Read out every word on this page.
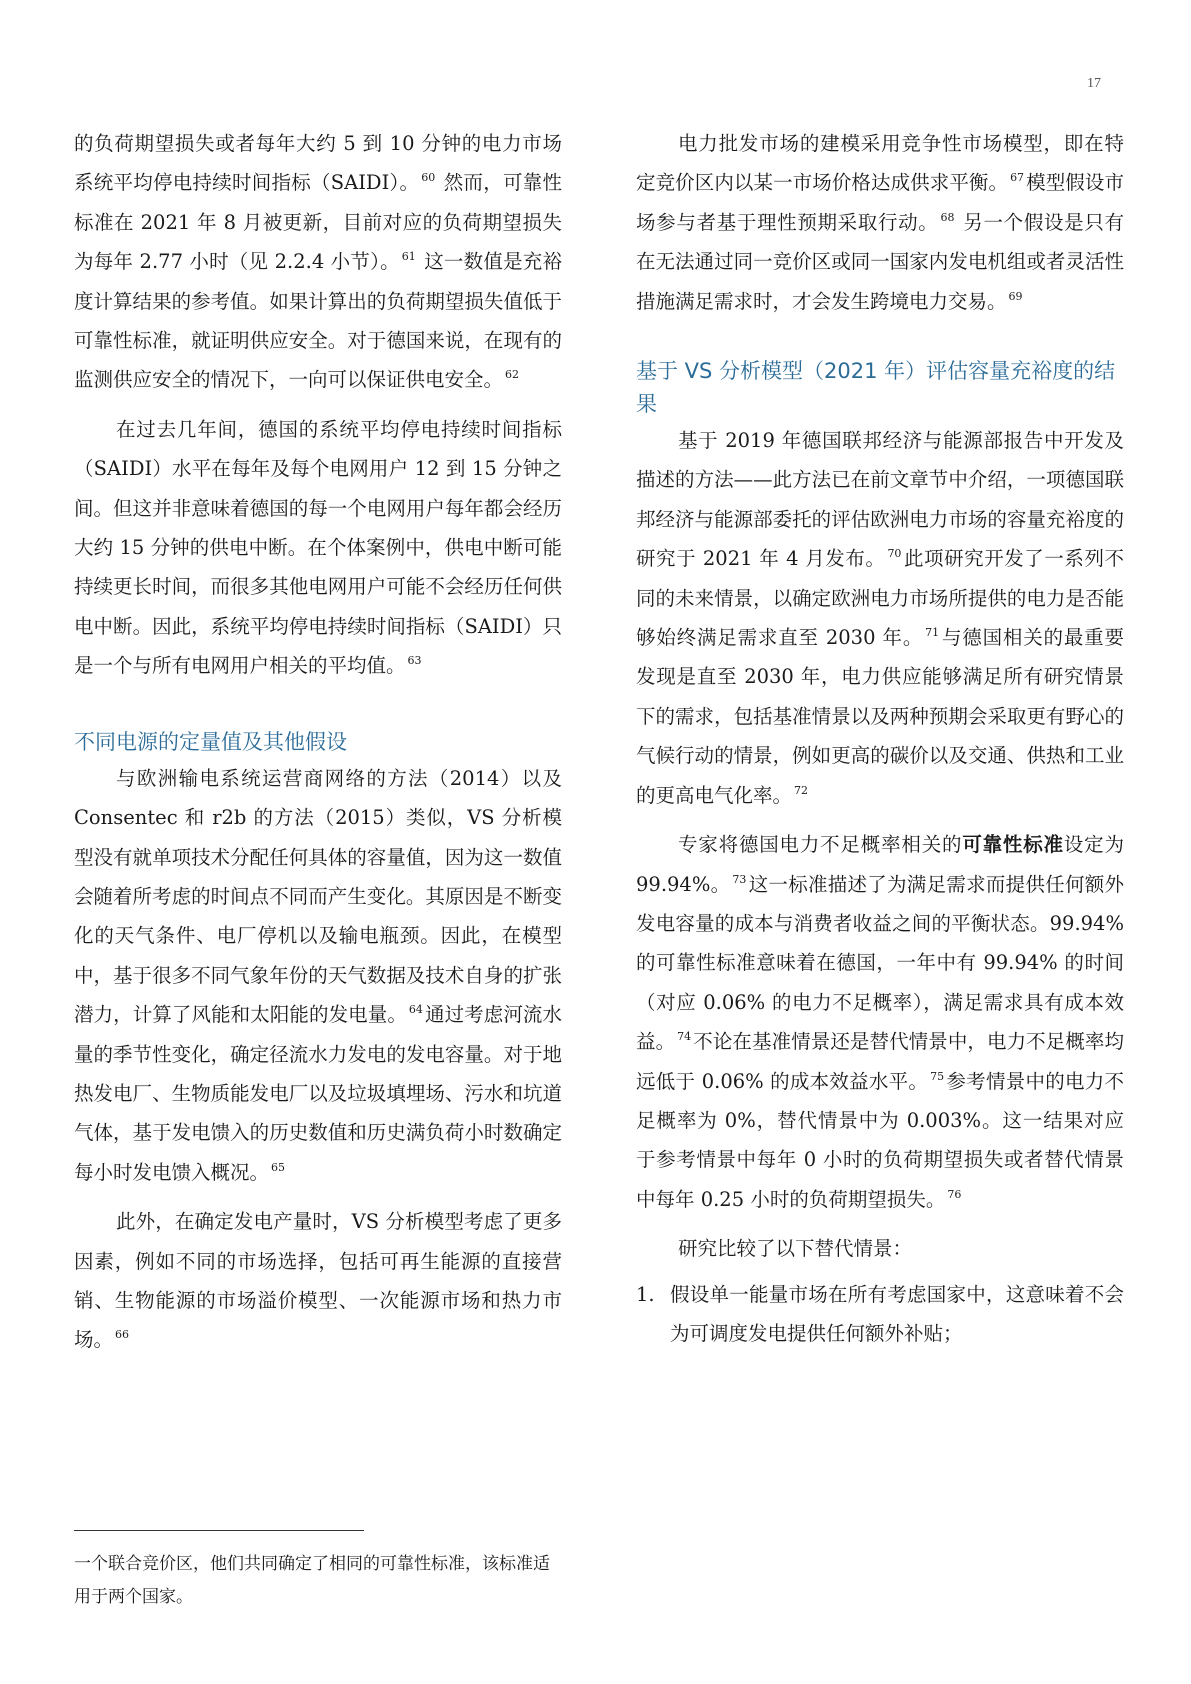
17

的负荷期望损失或者每年大约 5 到 10 分钟的电力市场系统平均停电持续时间指标（SAIDI）。 $^{60}$ 然而，可靠性标准在 2021 年 8 月被更新，目前对应的负荷期望损失为每年 2.77 小时（见 2.2.4 小节）。 $^{61}$ 这一数值是充裕度计算结果的参考值。如果计算出的负荷期望损失值低于可靠性标准，就证明供应安全。对于德国来说，在现有的监测供应安全的情况下，一向可以保证供电安全。 $^{62}$

在过去几年间，德国的系统平均停电持续时间指标（SAIDI）水平在每年及每个电网用户 12 到 15 分钟之间。但这并非意味着德国的每一个电网用户每年都会经历大约 15 分钟的供电中断。在个体案例中，供电中断可能持续更长时间，而很多其他电网用户可能不会经历任何供电中断。因此，系统平均停电持续时间指标（SAIDI）只是一个与所有电网用户相关的平均值。 $^{63}$

不同电源的定量值及其他假设

与欧洲输电系统运营商网络的方法（2014）以及 Consentec 和 r2b 的方法（2015）类似，VS 分析模型没有就单项技术分配任何具体的容量值，因为这一数值会随着所考虑的时间点不同而产生变化。其原因是不断变化的天气条件、电厂停机以及输电瓶颈。因此，在模型中，基于很多不同气象年份的天气数据及技术自身的扩张潜力，计算了风能和太阳能的发电量。 $^{64}$ 通过考虑河流水量的季节性变化，确定径流水力发电的发电容量。对于地热发电厂、生物质能发电厂以及垃圾填埋场、污水和坑道气体，基于发电馈入的历史数值和历史满负荷小时数确定每小时发电馈入概况。 $^{65}$

此外，在确定发电产量时，VS 分析模型考虑了更多因素，例如不同的市场选择，包括可再生能源的直接营销、生物能源的市场溢价模型、一次能源市场和热力市场。 $^{66}$

一个联合竞价区，他们共同确定了相同的可靠性标准，该标准适用于两个国家。

电力批发市场的建模采用竞争性市场模型，即在特定竞价区内以某一市场价格达成供求平衡。 $^{67}$ 模型假设市场参与者基于理性预期采取行动。 $^{68}$ 另一个假设是只有在无法通过同一竞价区或同一国家内发电机组或者灵活性措施满足需求时，才会发生跨境电力交易。 $^{69}$

基于 VS 分析模型（2021 年）评估容量充裕度的结果

基于 2019 年德国联邦经济与能源部报告中开发及描述的方法——此方法已在前文章节中介绍，一项德国联邦经济与能源部委托的评估欧洲电力市场的容量充裕度的研究于 2021 年 4 月发布。 $^{70}$ 此项研究开发了一系列不同的未来情景，以确定欧洲电力市场所提供的电力是否能够始终满足需求直至 2030 年。 $^{71}$ 与德国相关的最重要发现是直至 2030 年，电力供应能够满足所有研究情景下的需求，包括基准情景以及两种预期会采取更有野心的气候行动的情景，例如更高的碳价以及交通、供热和工业的更高电气化率。 $^{72}$

专家将德国电力不足概率相关的可靠性标准设定为 99.94%。 $^{73}$ 这一标准描述了为满足需求而提供任何额外发电容量的成本与消费者收益之间的平衡状态。99.94% 的可靠性标准意味着在德国，一年中有 99.94% 的时间（对应 0.06% 的电力不足概率），满足需求具有成本效益。 $^{74}$ 不论在基准情景还是替代情景中，电力不足概率均远低于 0.06% 的成本效益水平。 $^{75}$ 参考情景中的电力不足概率为 0%，替代情景中为 0.003%。这一结果对应于参考情景中每年 0 小时的负荷期望损失或者替代情景中每年 0.25 小时的负荷期望损失。 $^{76}$

研究比较了以下替代情景：

1. 假设单一能量市场在所有考虑国家中，这意味着不会为可调度发电提供任何额外补贴；
